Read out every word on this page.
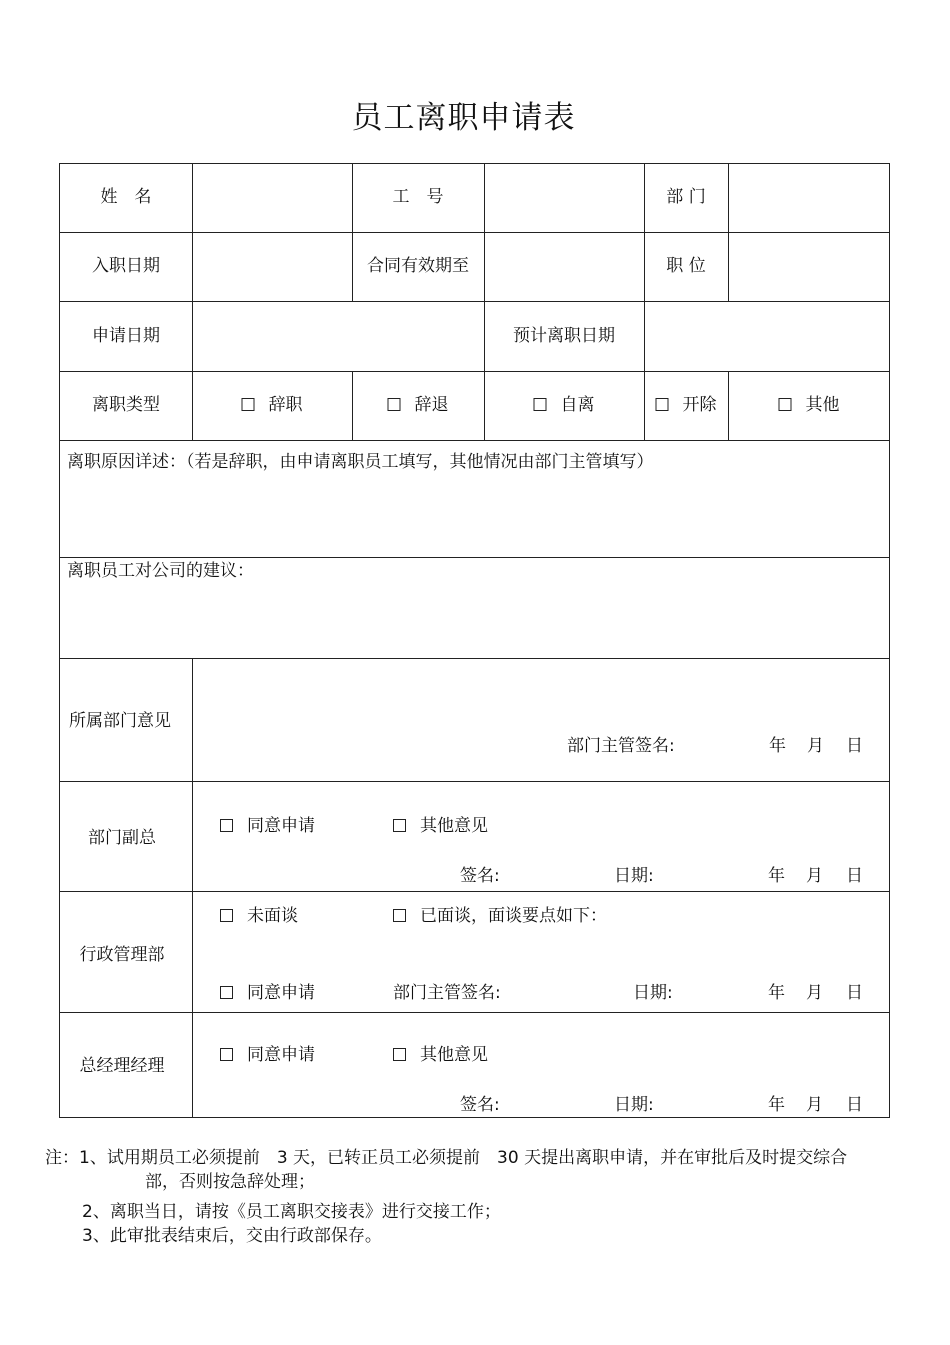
员工离职申请表
姓　名	工　号	部 门
入职日期	合同有效期至	职 位
申请日期	预计离职日期
离职类型	辞职	辞退	自离	开除	其他
离职原因详述：（若是辞职，由申请离职员工填写，其他情况由部门主管填写）
离职员工对公司的建议：
所属部门意见
部门主管签名:	年 月 日
部门副总
同意申请	其他意见
签名:	日期:	年 月 日
行政管理部
未面谈	已面谈，面谈要点如下：
同意申请	部门主管签名:	日期:	年 月 日
总经理经理
同意申请	其他意见
签名:	日期:	年 月 日
注：1、试用期员工必须提前　3 天，已转正员工必须提前　30 天提出离职申请，并在审批后及时提交综合
部，否则按急辞处理；
2、离职当日，请按《员工离职交接表》进行交接工作；
3、此审批表结束后，交由行政部保存。
